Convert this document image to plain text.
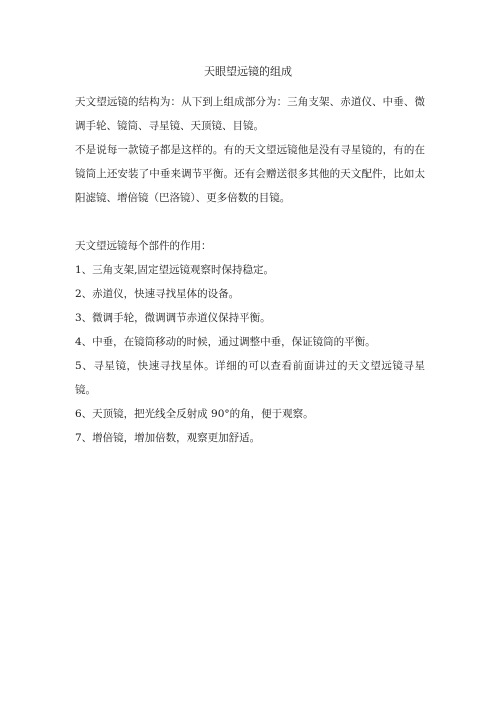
天眼望远镜的组成

天文望远镜的结构为：从下到上组成部分为：三角支架、赤道仪、中垂、微调手轮、镜筒、寻星镜、天顶镜、目镜。

不是说每一款镜子都是这样的。有的天文望远镜他是没有寻星镜的，有的在镜筒上还安装了中垂来调节平衡。还有会赠送很多其他的天文配件，比如太阳滤镜、增倍镜（巴洛镜）、更多倍数的目镜。

天文望远镜每个部件的作用：

1、三角支架,固定望远镜观察时保持稳定。
2、赤道仪，快速寻找星体的设备。
3、微调手轮，微调调节赤道仪保持平衡。
4、中垂，在镜筒移动的时候，通过调整中垂，保证镜筒的平衡。
5、寻星镜，快速寻找星体。详细的可以查看前面讲过的天文望远镜寻星镜。
6、天顶镜，把光线全反射成 90°的角，便于观察。
7、增倍镜，增加倍数，观察更加舒适。
